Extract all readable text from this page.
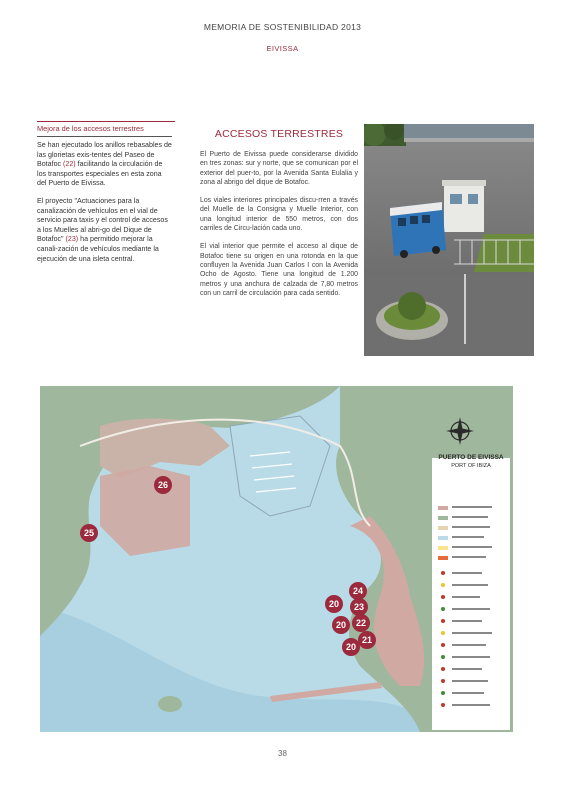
MEMORIA DE SOSTENIBILIDAD 2013
EIVISSA
Mejora de los accesos terrestres

Se han ejecutado los anillos rebasables de las glorietas exis-tentes del Paseo de Botafoc (22) facilitando la circulación de los transportes especiales en esta zona del Puerto de Eivissa.

El proyecto "Actuaciones para la canalización de vehículos en el vial de servicio para taxis y el control de accesos a los Muelles al abri-go del Dique de Botafoc" (23) ha permitido mejorar la canali-zación de vehículos mediante la ejecución de una isleta central.

ACCESOS TERRESTRES

El Puerto de Eivissa puede considerarse dividido en tres zonas: sur y norte, que se comunican por el exterior del puer-to, por la Avenida Santa Eulalia y zona al abrigo del dique de Botafoc.

Los viales interiores principales discu-rren a través del Muelle de la Consigna y Muelle Interior, con una longitud interior de 550 metros, con dos carriles de Circu-lación cada uno.

El vial interior que permite el acceso al dique de Botafoc tiene su origen en una rotonda en la que confluyen la Avenida Juan Carlos I con la Avenida Ocho de Agosto. Tiene una longitud de 1.200 metros y una anchura de calzada de 7,80 metros con un carril de circulación para cada sentido.

PUERTO DE EIVISSA
PORT OF IBIZA
26
25
24
20	23
20	22
21
20
38
